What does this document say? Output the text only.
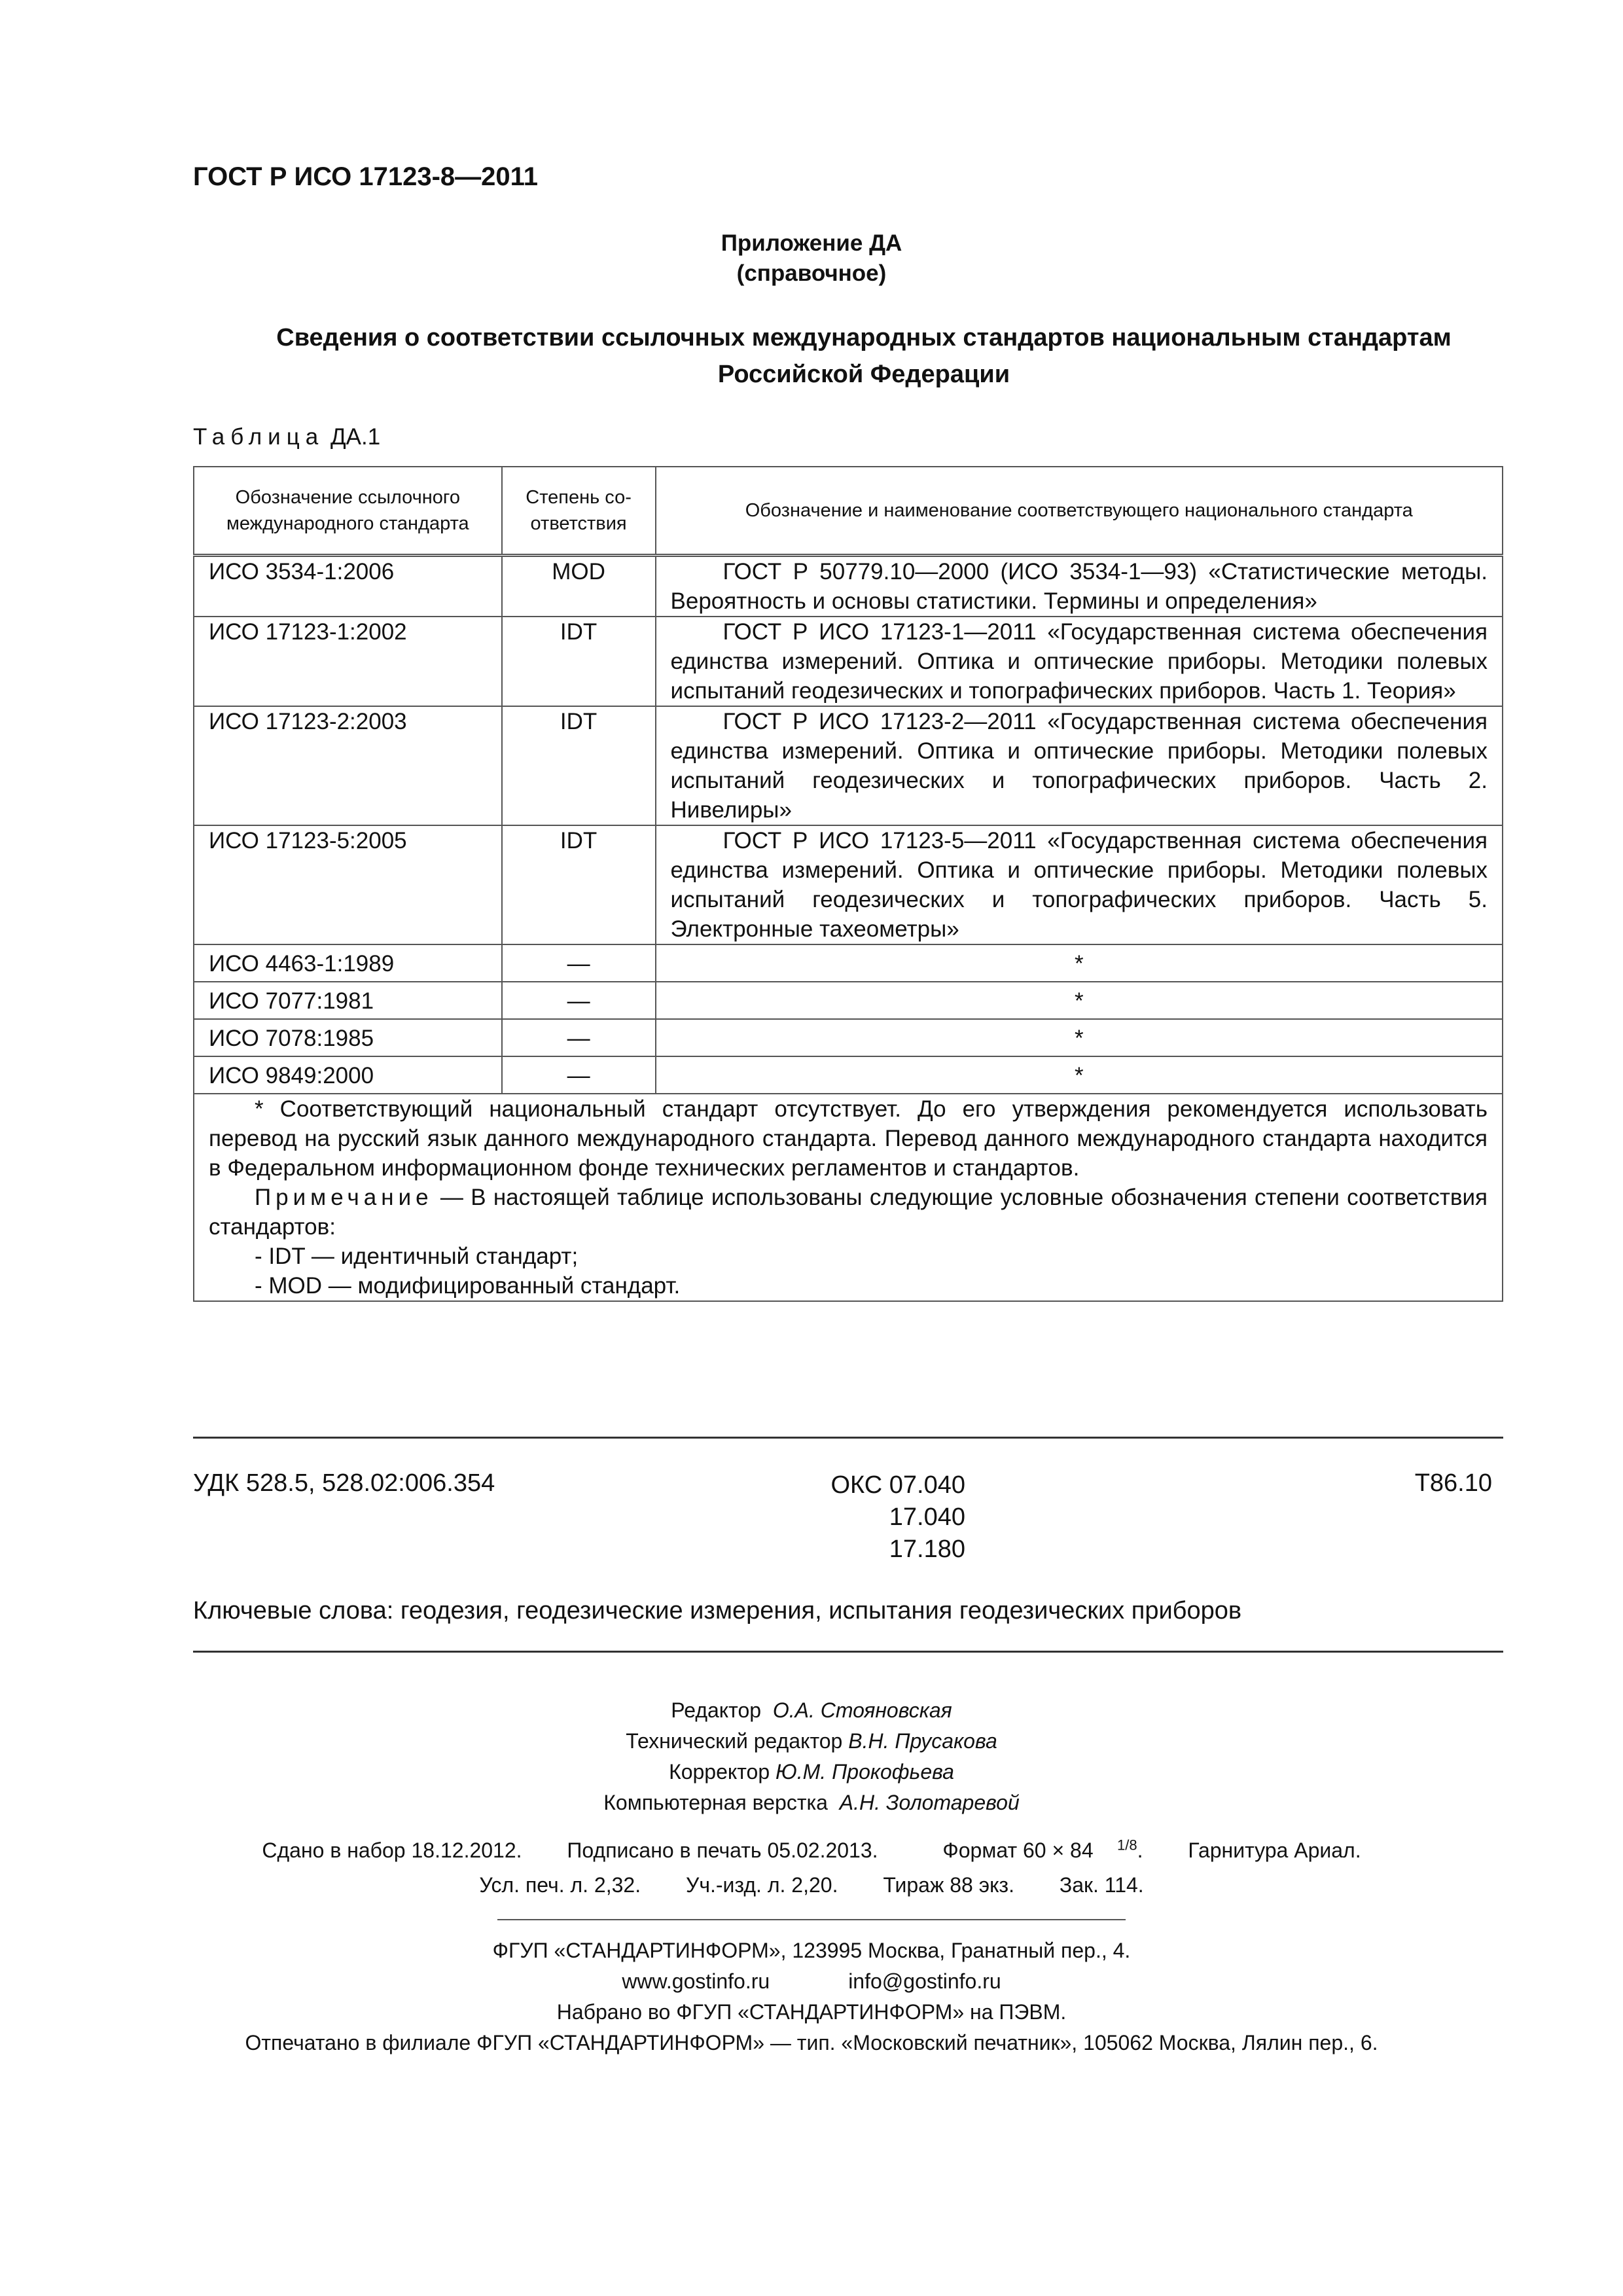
ГОСТ Р ИСО 17123-8—2011
Приложение ДА
(справочное)
Сведения о соответствии ссылочных международных стандартов национальным стандартам
Российской Федерации
Таблица ДА.1
Обозначение ссылочного международного стандарта	Степень со-ответствия	Обозначение и наименование соответствующего национального стандарта
ИСО 3534-1:2006	MOD	ГОСТ Р 50779.10—2000 (ИСО 3534-1—93) «Статистические методы. Вероятность и основы статистики. Термины и определения»

ИСО 17123-1:2002	IDT	ГОСТ Р ИСО 17123-1—2011 «Государственная система обеспечения единства измерений. Оптика и оптические приборы. Методики полевых испытаний геодезических и топографических приборов. Часть 1. Теория»

ИСО 17123-2:2003	IDT	ГОСТ Р ИСО 17123-2—2011 «Государственная система обеспечения единства измерений. Оптика и оптические приборы. Методики полевых испытаний геодезических и топографических приборов. Часть 2. Нивелиры»

ИСО 17123-5:2005	IDT	ГОСТ Р ИСО 17123-5—2011 «Государственная система обеспечения единства измерений. Оптика и оптические приборы. Методики полевых испытаний геодезических и топографических приборов. Часть 5. Электронные тахеометры»

ИСО 4463-1:1989	—	*
ИСО 7077:1981	—	*
ИСО 7078:1985	—	*
ИСО 9849:2000	—	*

* Соответствующий национальный стандарт отсутствует. До его утверждения рекомендуется использовать перевод на русский язык данного международного стандарта. Перевод данного международного стандарта находится в Федеральном информационном фонде технических регламентов и стандартов.

Примечание — В настоящей таблице использованы следующие условные обозначения степени соответствия стандартов:

- IDT — идентичный стандарт;
- MOD — модифицированный стандарт.		
УДК 528.5, 528.02:006.354	ОКС 07.040
17.040
17.180
Т86.10
Ключевые слова: геодезия, геодезические измерения, испытания геодезических приборов
Редактор О.А. Стояновская
Технический редактор В.Н. Прусакова
Корректор Ю.М. Прокофьева
Компьютерная верстка А.Н. Золотаревой
Сдано в набор 18.12.2012. Подписано в печать 05.02.2013.	Формат 60 × 84  $^{1/8}$. Гарнитура Ариал.
Усл. печ. л. 2,32. Уч.-изд. л. 2,20. Тираж 88 экз. Зак. 114.
ФГУП «СТАНДАРТИНФОРМ», 123995 Москва, Гранатный пер., 4.
www.gostinfo.ru	info@gostinfo.ru
Набрано во ФГУП «СТАНДАРТИНФОРМ» на ПЭВМ.
Отпечатано в филиале ФГУП «СТАНДАРТИНФОРМ» — тип. «Московский печатник», 105062 Москва, Лялин пер., 6.
